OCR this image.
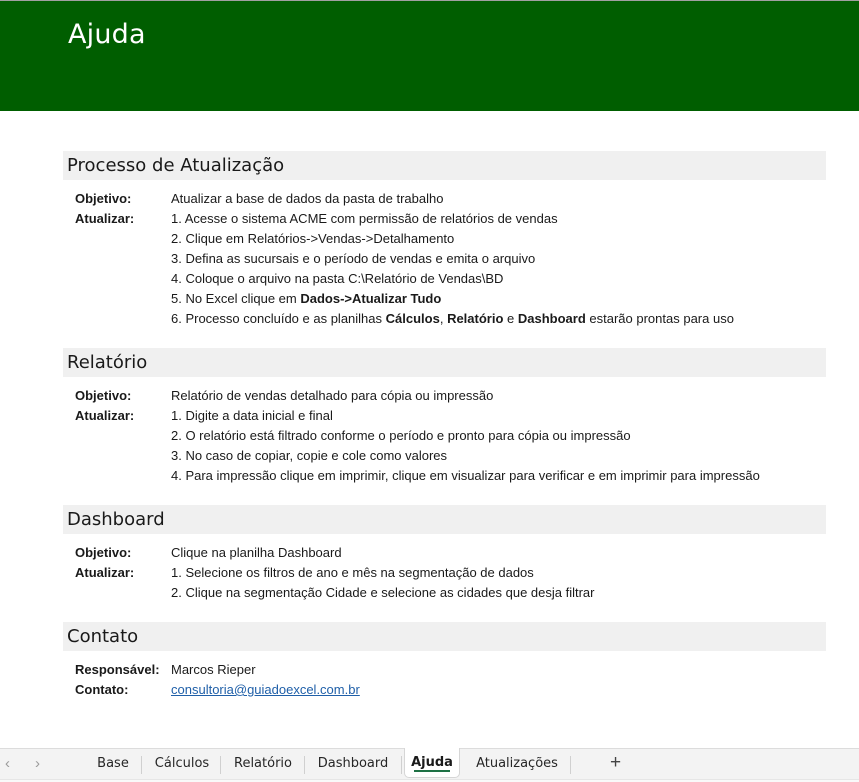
Ajuda
Processo de Atualização
Objetivo:	Atualizar a base de dados da pasta de trabalho
Atualizar:	1. Acesse o sistema ACME com permissão de relatórios de vendas
2. Clique em Relatórios->Vendas->Detalhamento
3. Defina as sucursais e o período de vendas e emita o arquivo
4. Coloque o arquivo na pasta C:\Relatório de Vendas\BD
5. No Excel clique em Dados->Atualizar Tudo
6. Processo concluído e as planilhas Cálculos, Relatório e Dashboard estarão prontas para uso
Relatório
Objetivo:	Relatório de vendas detalhado para cópia ou impressão
Atualizar:	1. Digite a data inicial e final
2. O relatório está filtrado conforme o período e pronto para cópia ou impressão
3. No caso de copiar, copie e cole como valores
4. Para impressão clique em imprimir, clique em visualizar para verificar e em imprimir para impressão
Dashboard
Objetivo:	Clique na planilha Dashboard
Atualizar:	1. Selecione os filtros de ano e mês na segmentação de dados
2. Clique na segmentação Cidade e selecione as cidades que desja filtrar
Contato
Responsável: Marcos Rieper
Contato:	consultoria@guiadoexcel.com.br
‹ ›	Base	Cálculos	Relatório	Dashboard	Ajuda	Atualizações	+
